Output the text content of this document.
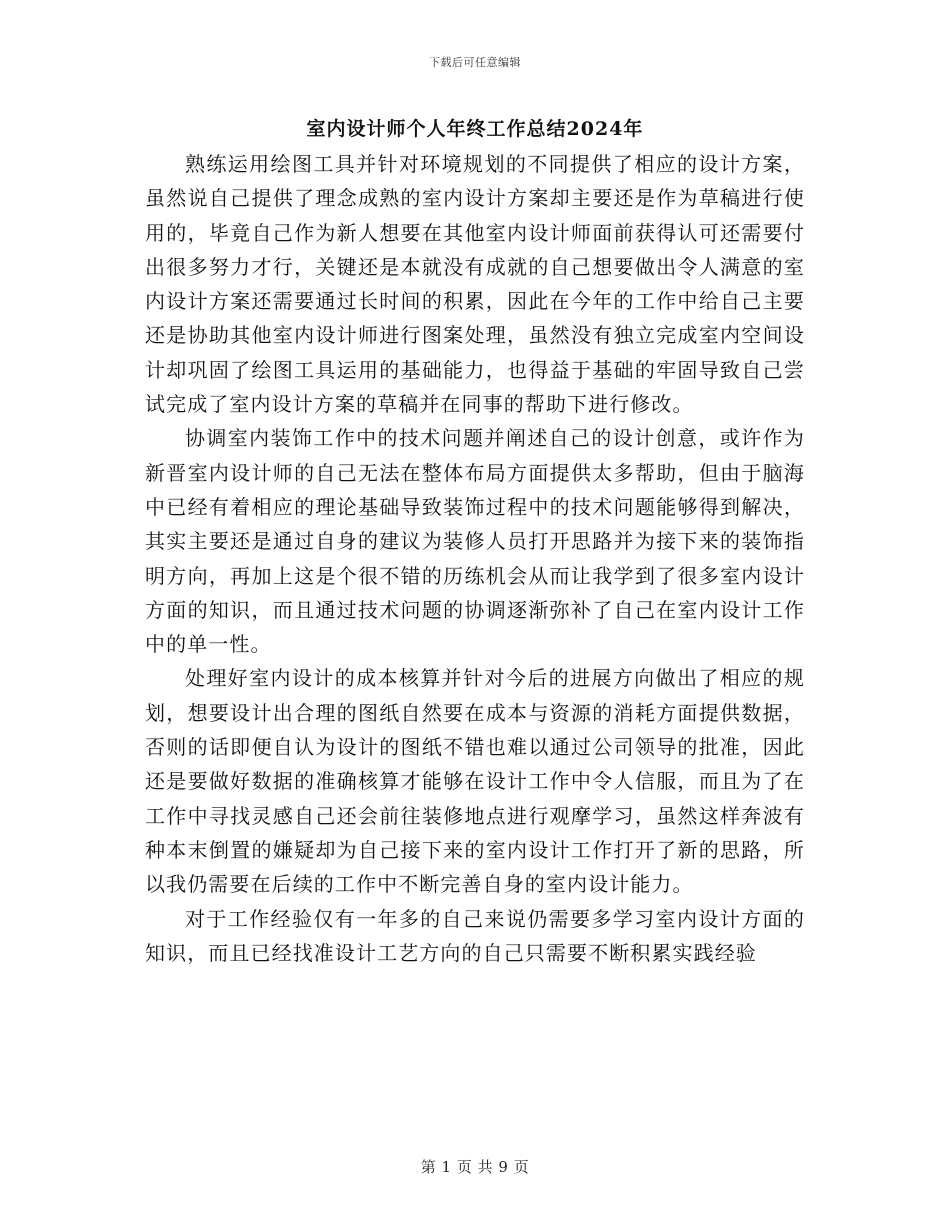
下载后可任意编辑
室内设计师个人年终工作总结2024年

熟练运用绘图工具并针对环境规划的不同提供了相应的设计方案，虽然说自己提供了理念成熟的室内设计方案却主要还是作为草稿进行使用的，毕竟自己作为新人想要在其他室内设计师面前获得认可还需要付出很多努力才行，关键还是本就没有成就的自己想要做出令人满意的室内设计方案还需要通过长时间的积累，因此在今年的工作中给自己主要还是协助其他室内设计师进行图案处理，虽然没有独立完成室内空间设计却巩固了绘图工具运用的基础能力，也得益于基础的牢固导致自己尝试完成了室内设计方案的草稿并在同事的帮助下进行修改。

协调室内装饰工作中的技术问题并阐述自己的设计创意，或许作为新晋室内设计师的自己无法在整体布局方面提供太多帮助，但由于脑海中已经有着相应的理论基础导致装饰过程中的技术问题能够得到解决，其实主要还是通过自身的建议为装修人员打开思路并为接下来的装饰指明方向，再加上这是个很不错的历练机会从而让我学到了很多室内设计方面的知识，而且通过技术问题的协调逐渐弥补了自己在室内设计工作中的单一性。

处理好室内设计的成本核算并针对今后的进展方向做出了相应的规划，想要设计出合理的图纸自然要在成本与资源的消耗方面提供数据，否则的话即便自认为设计的图纸不错也难以通过公司领导的批准，因此还是要做好数据的准确核算才能够在设计工作中令人信服，而且为了在工作中寻找灵感自己还会前往装修地点进行观摩学习，虽然这样奔波有种本末倒置的嫌疑却为自己接下来的室内设计工作打开了新的思路，所以我仍需要在后续的工作中不断完善自身的室内设计能力。

对于工作经验仅有一年多的自己来说仍需要多学习室内设计方面的知识，而且已经找准设计工艺方向的自己只需要不断积累实践经验

第 1 页 共 9 页
